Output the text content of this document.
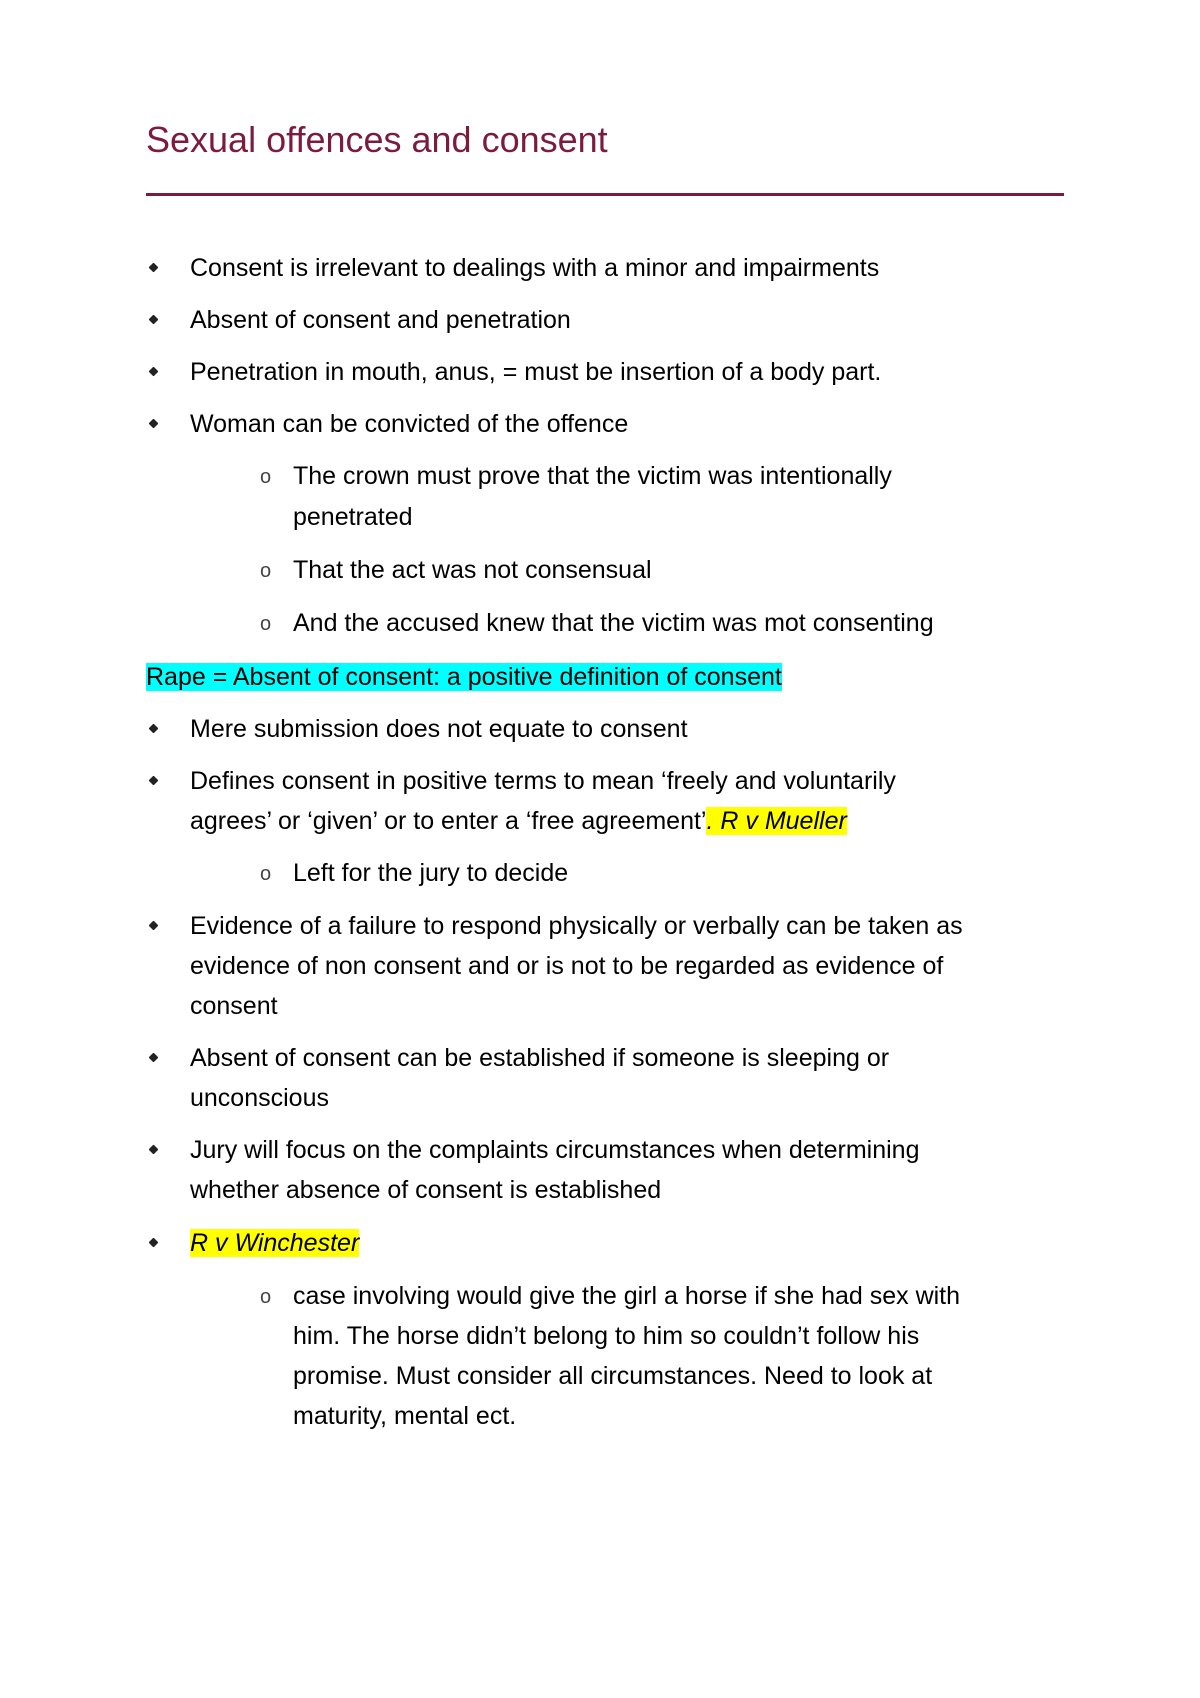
Sexual offences and consent
Consent is irrelevant to dealings with a minor and impairments
Absent of consent and penetration
Penetration in mouth, anus, = must be insertion of a body part.
Woman can be convicted of the offence
o The crown must prove that the victim was intentionally
penetrated
o That the act was not consensual
o And the accused knew that the victim was mot consenting
Rape = Absent of consent: a positive definition of consent
Mere submission does not equate to consent
Defines consent in positive terms to mean ‘freely and voluntarily
agrees’ or ‘given’ or to enter a ‘free agreement’. R v Mueller
o Left for the jury to decide
Evidence of a failure to respond physically or verbally can be taken as
evidence of non consent and or is not to be regarded as evidence of
consent
Absent of consent can be established if someone is sleeping or
unconscious
Jury will focus on the complaints circumstances when determining
whether absence of consent is established
R v Winchester
o case involving would give the girl a horse if she had sex with
him. The horse didn’t belong to him so couldn’t follow his
promise. Must consider all circumstances. Need to look at
maturity, mental ect.
